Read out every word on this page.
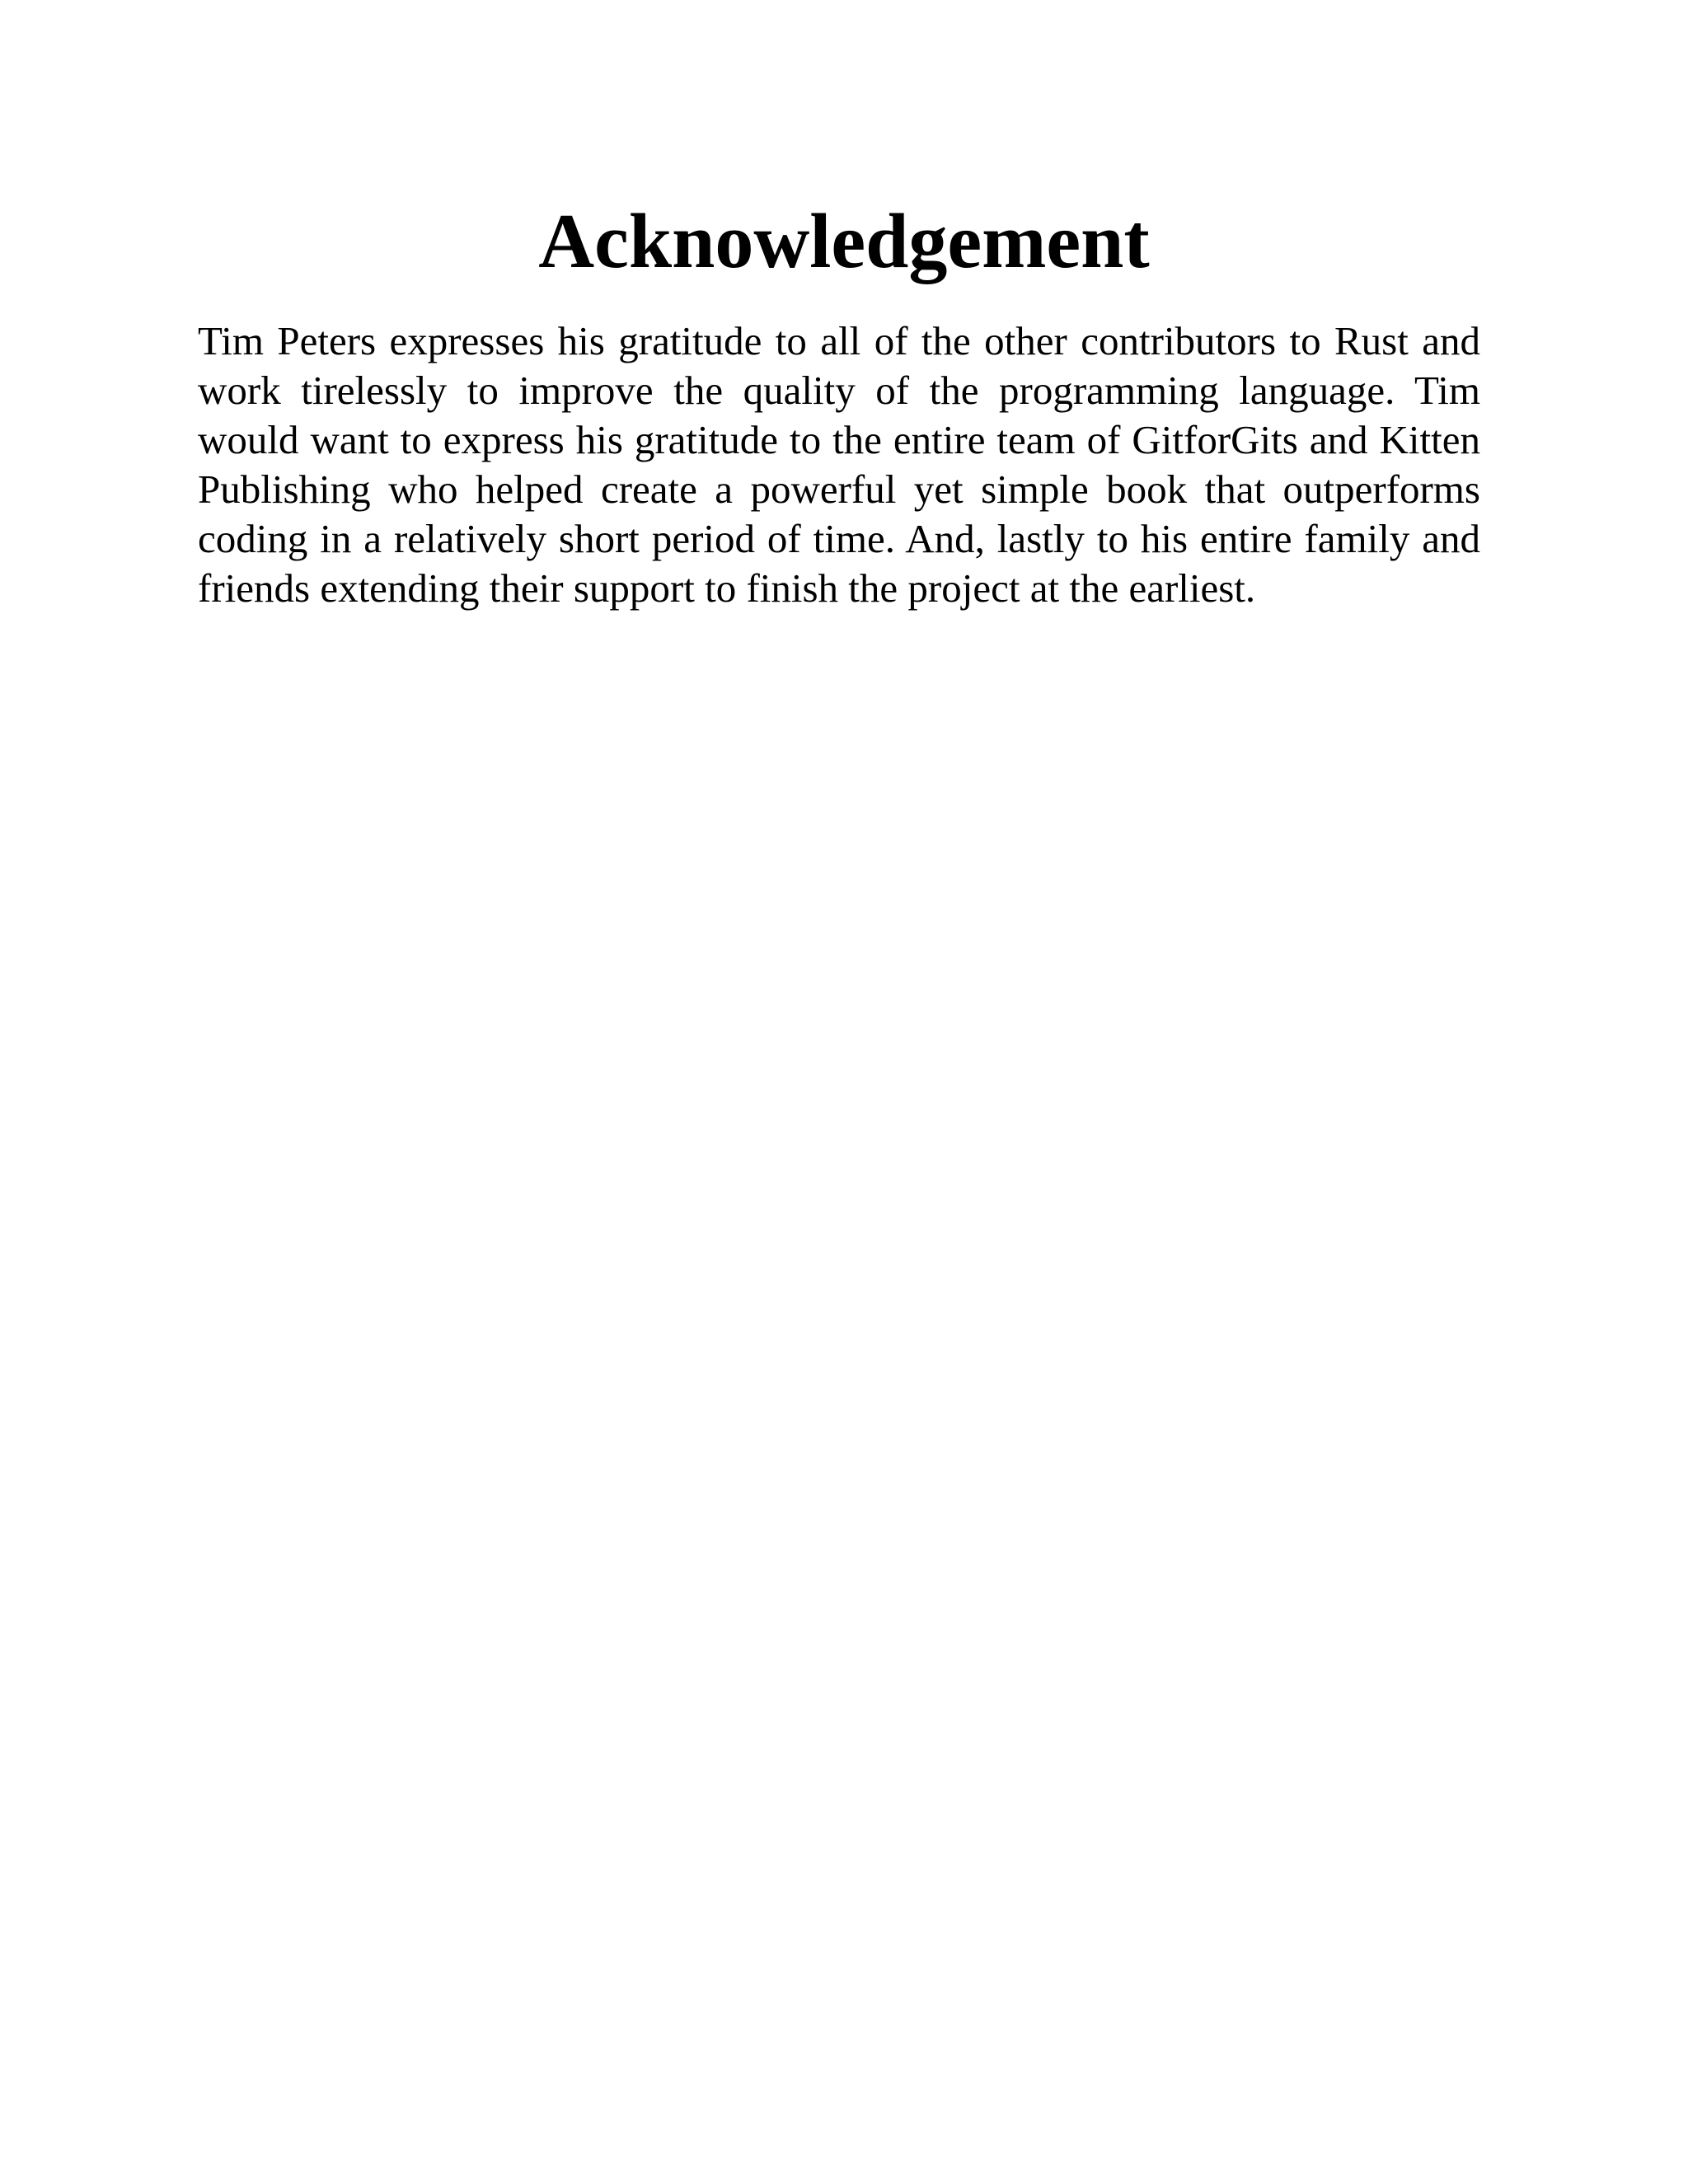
Acknowledgement

Tim Peters expresses his gratitude to all of the other contributors to Rust and work tirelessly to improve the quality of the programming language. Tim would want to express his gratitude to the entire team of GitforGits and Kitten Publishing who helped create a powerful yet simple book that outperforms coding in a relatively short period of time. And, lastly to his entire family and friends extending their support to finish the project at the earliest.
